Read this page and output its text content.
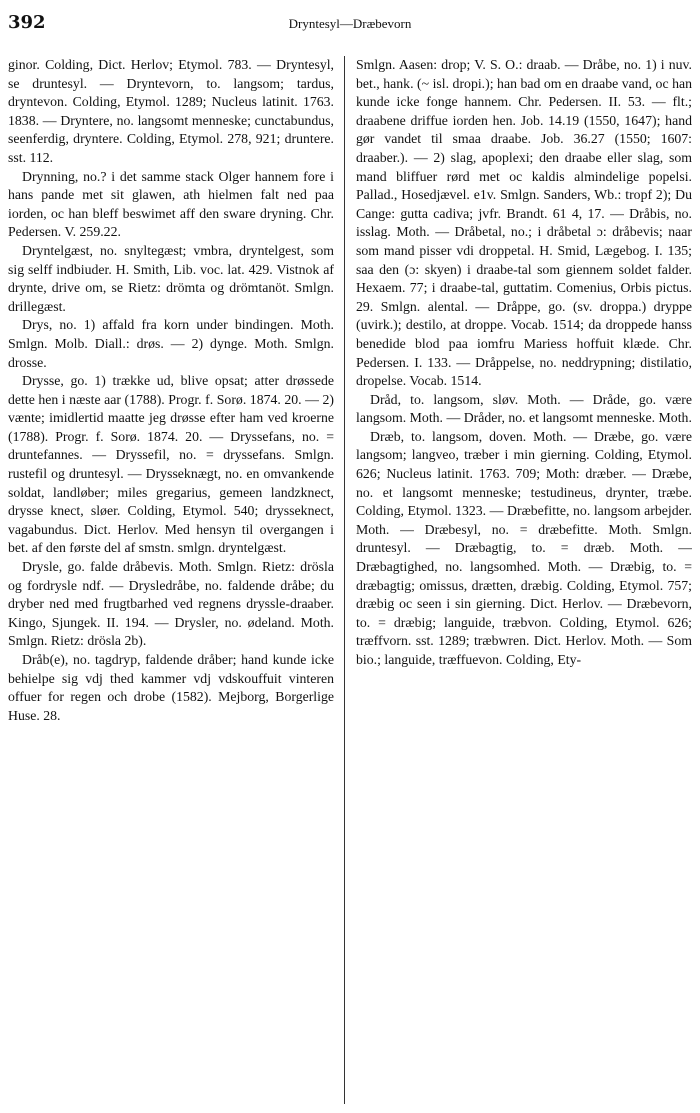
392	Dryntesyl—Dræbevorn

ginor. Colding, Dict. Herlov; Etymol. 783. — Dryntesyl, se druntesyl. — Dryntevorn, to. langsom; tardus, dryntevon. Colding, Etymol. 1289; Nucleus latinit. 1763. 1838. — Dryntere, no. langsomt menneske; cunctabundus, seenferdig, dryntere. Colding, Etymol. 278, 921; druntere. sst. 112.

Drynning, no.? i det samme stack Olger hannem fore i hans pande met sit glawen, ath hielmen falt ned paa iorden, oc han bleff beswimet aff den sware dryning. Chr. Pedersen. V. 259.22.

Dryntelgæst, no. snyltegæst; vmbra, dryntelgest, som sig selff indbiuder. H. Smith, Lib. voc. lat. 429. Vistnok af drynte, drive om, se Rietz: drömta og drömtanöt. Smlgn. drillegæst.

Drys, no. 1) affald fra korn under bindingen. Moth. Smlgn. Molb. Diall.: drøs. — 2) dynge. Moth. Smlgn. drosse.

Drysse, go. 1) trække ud, blive opsat; atter drøssede dette hen i næste aar (1788). Progr. f. Sorø. 1874. 20. — 2) vænte; imidlertid maatte jeg drøsse efter ham ved kroerne (1788). Progr. f. Sorø. 1874. 20. — Dryssefans, no. = druntefannes. — Dryssefil, no. = dryssefans. Smlgn. rustefil og druntesyl. — Drysseknægt, no. en omvankende soldat, landløber; miles gregarius, gemeen landzknect, drysse knect, sløer. Colding, Etymol. 540; drysseknect, vagabundus. Dict. Herlov. Med hensyn til overgangen i bet. af den første del af smstn. smlgn. dryntelgæst.

Drysle, go. falde dråbevis. Moth. Smlgn. Rietz: drösla og fordrysle ndf. — Drysledråbe, no. faldende dråbe; du dryber ned med frugtbarhed ved regnens dryssle-draaber. Kingo, Sjungek. II. 194. — Drysler, no. ødeland. Moth. Smlgn. Rietz: drösla 2b).

Dråb(e), no. tagdryp, faldende dråber; hand kunde icke behielpe sig vdj thed kammer vdj vdskouffuit vinteren offuer for regen och drobe (1582). Mejborg, Borgerlige Huse. 28.

Smlgn. Aasen: drop; V. S. O.: draab. — Dråbe, no. 1) i nuv. bet., hank. (~ isl. dropi.); han bad om en draabe vand, oc han kunde icke fonge hannem. Chr. Pedersen. II. 53. — flt.; draabene driffue iorden hen. Job. 14.19 (1550, 1647); hand gør vandet til smaa draabe. Job. 36.27 (1550; 1607: draaber.). — 2) slag, apoplexi; den draabe eller slag, som mand bliffuer rørd met oc kaldis almindelige popelsi. Pallad., Hosedjævel. e1v. Smlgn. Sanders, Wb.: tropf 2); Du Cange: gutta cadiva; jvfr. Brandt. 61 4, 17. — Dråbis, no. isslag. Moth. — Dråbetal, no.; i dråbetal ɔ: dråbevis; naar som mand pisser vdi droppetal. H. Smid, Lægebog. I. 135; saa den (ɔ: skyen) i draabe-tal som giennem soldet falder. Hexaem. 77; i draabe-tal, guttatim. Comenius, Orbis pictus. 29. Smlgn. alental. — Dråppe, go. (sv. droppa.) dryppe (uvirk.); destilo, at droppe. Vocab. 1514; da droppede hanss benedide blod paa iomfru Mariess hoffuit klæde. Chr. Pedersen. I. 133. — Dråppelse, no. neddrypning; distilatio, dropelse. Vocab. 1514.

Dråd, to. langsom, sløv. Moth. — Dråde, go. være langsom. Moth. — Dråder, no. et langsomt menneske. Moth.

Dræb, to. langsom, doven. Moth. — Dræbe, go. være langsom; langveo, træber i min gierning. Colding, Etymol. 626; Nucleus latinit. 1763. 709; Moth: dræber. — Dræbe, no. et langsomt menneske; testudineus, drynter, træbe. Colding, Etymol. 1323. — Dræbefitte, no. langsom arbejder. Moth. — Dræbesyl, no. = dræbefitte. Moth. Smlgn. druntesyl. — Dræbagtig, to. = dræb. Moth. — Dræbagtighed, no. langsomhed. Moth. — Dræbig, to. = dræbagtig; omissus, drætten, dræbig. Colding, Etymol. 757; dræbig oc seen i sin gierning. Dict. Herlov. — Dræbevorn, to. = dræbig; languide, træbvon. Colding, Etymol. 626; træffvorn. sst. 1289; træbwren. Dict. Herlov. Moth. — Som bio.; languide, træffuevon. Colding, Ety-
